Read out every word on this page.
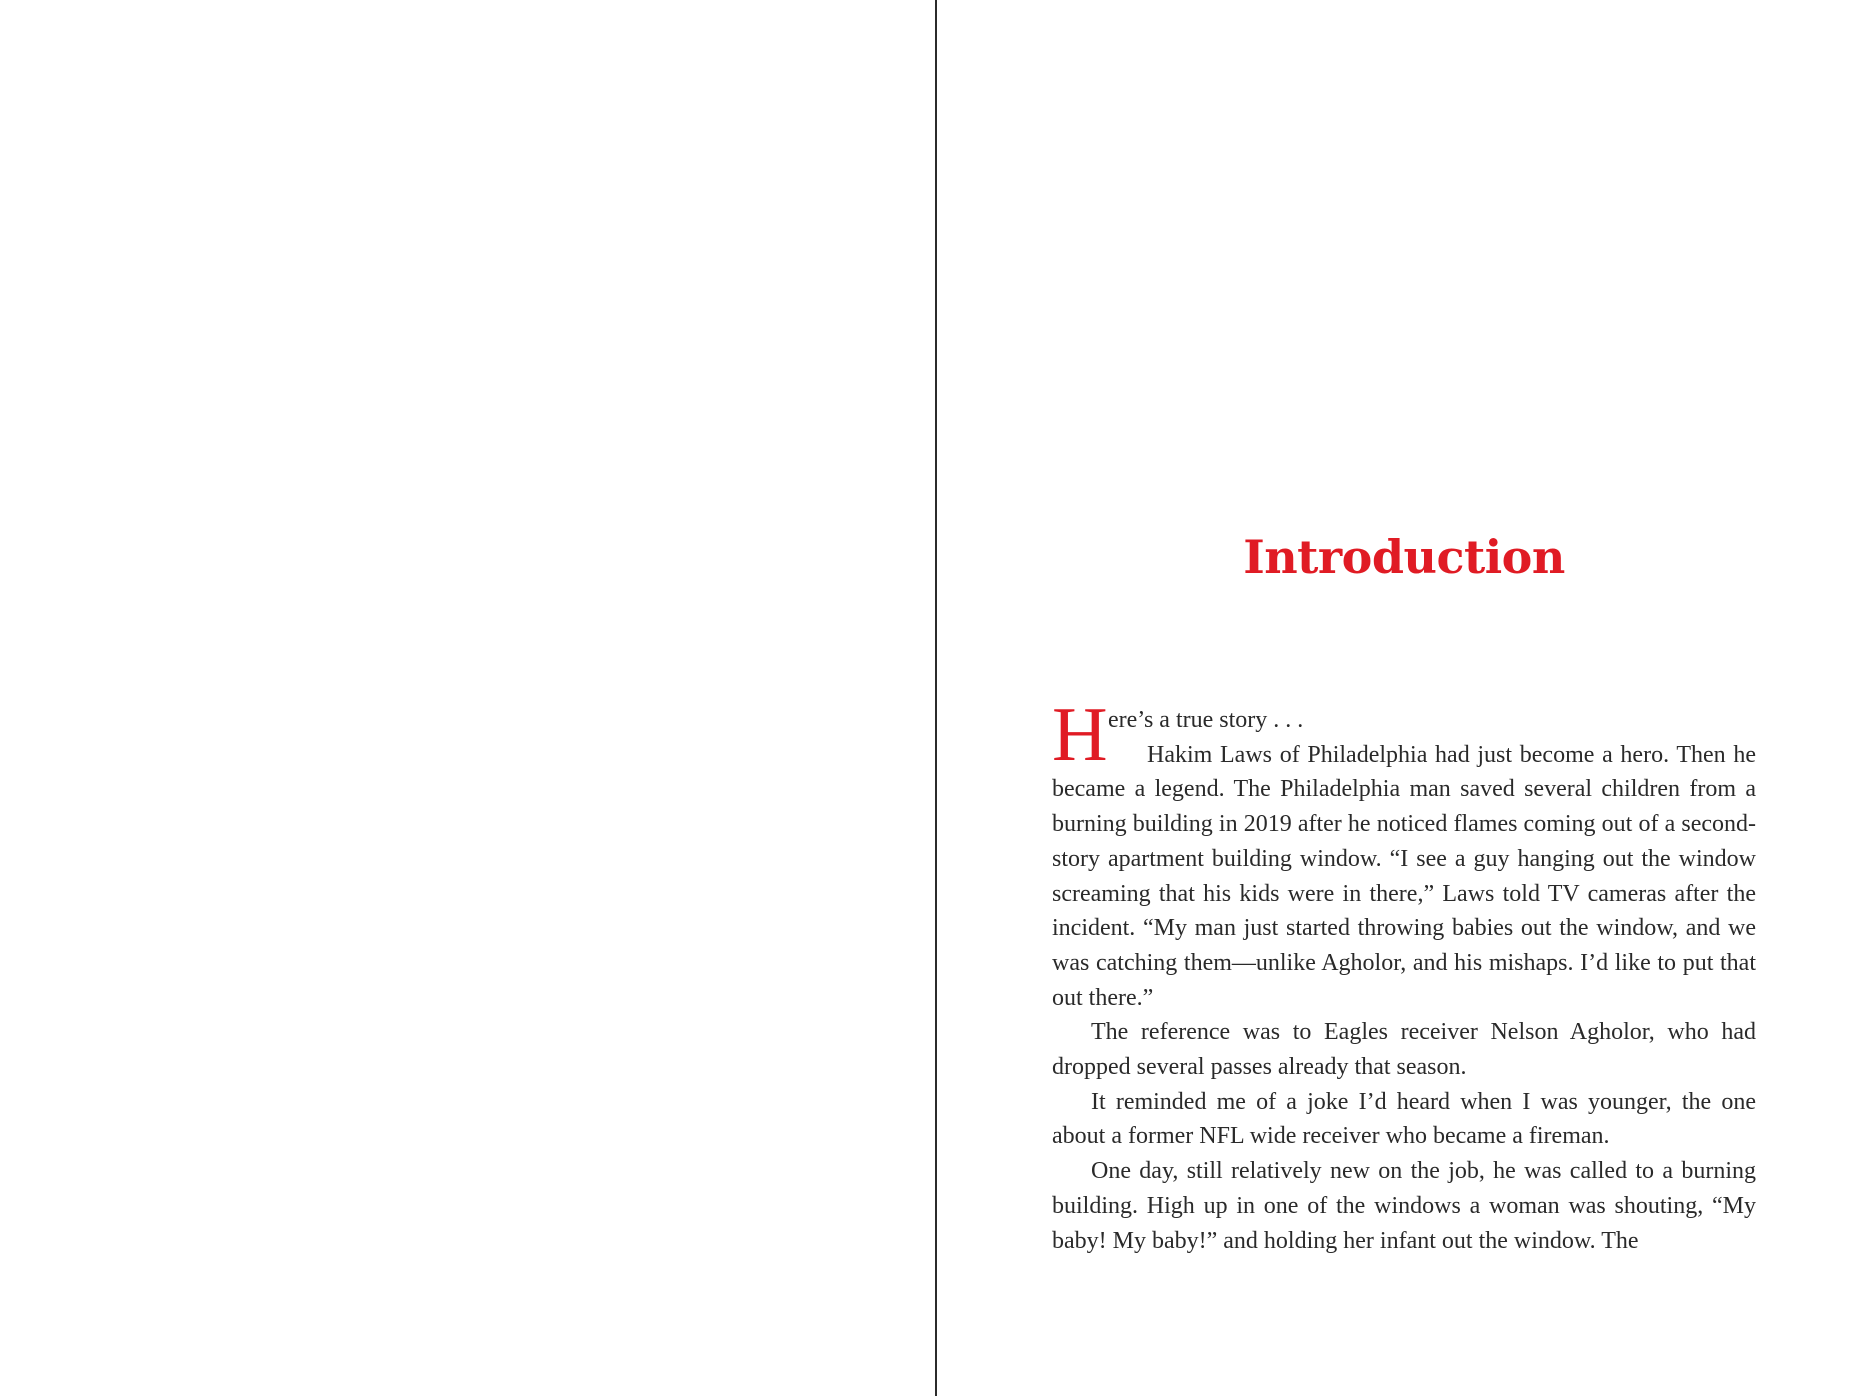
Introduction

H ere’s a true story . . .

Hakim Laws of Philadelphia had just become a hero. Then he became a legend. The Philadelphia man saved several children from a burning building in 2019 after he noticed flames coming out of a second-story apartment building window. “I see a guy hanging out the window screaming that his kids were in there,” Laws told TV cameras after the incident. “My man just started throwing babies out the window, and we was catching them—unlike Agholor, and his mishaps. I’d like to put that out there.”

The reference was to Eagles receiver Nelson Agholor, who had dropped several passes already that season.

It reminded me of a joke I’d heard when I was younger, the one about a former NFL wide receiver who became a fireman.

One day, still relatively new on the job, he was called to a burning building. High up in one of the windows a woman was shouting, “My baby! My baby!” and holding her infant out the window. The
